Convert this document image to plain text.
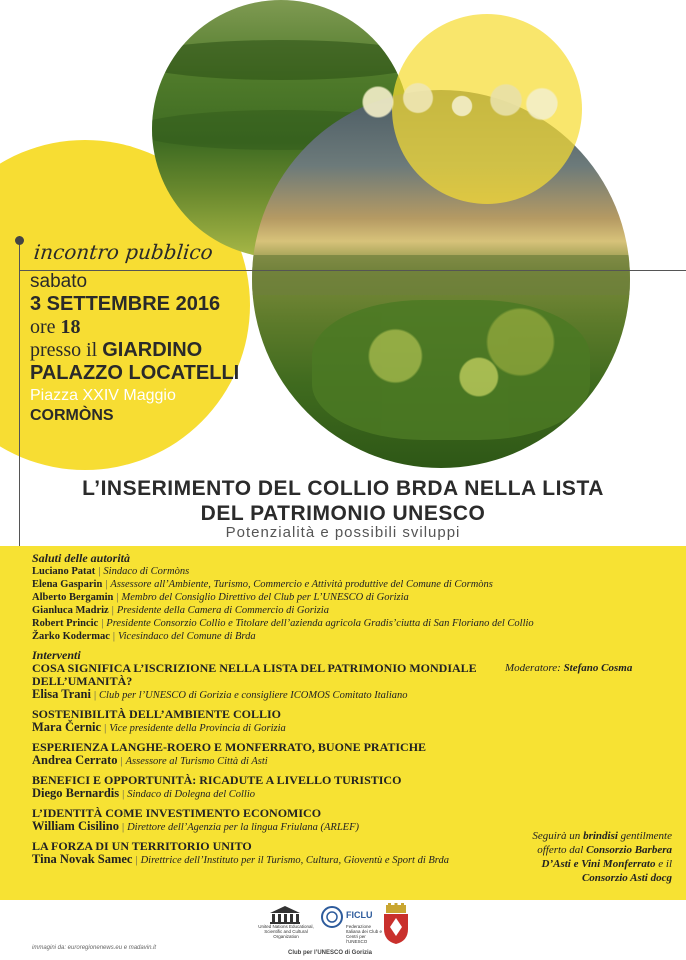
incontro pubblico
sabato
3 SETTEMBRE 2016
ore 18
presso il GIARDINO
PALAZZO LOCATELLI
Piazza XXIV Maggio
CORMÒNS
L’INSERIMENTO DEL COLLIO BRDA NELLA LISTA
DEL PATRIMONIO UNESCO
Potenzialità e possibili sviluppi
Saluti delle autorità
Luciano Patat | Sindaco di Cormòns
Elena Gasparin | Assessore all’Ambiente, Turismo, Commercio e Attività produttive del Comune di Cormòns
Alberto Bergamin | Membro del Consiglio Direttivo del Club per L’UNESCO di Gorizia
Gianluca Madriz | Presidente della Camera di Commercio di Gorizia
Robert Princic | Presidente Consorzio Collio e Titolare dell’azienda agricola Gradis’ciutta di San Floriano del Collio
Žarko Kodermac | Vicesindaco del Comune di Brda
Interventi
COSA SIGNIFICA L’ISCRIZIONE NELLA LISTA DEL PATRIMONIO MONDIALE DELL’UMANITÀ?
Elisa Trani | Club per l’UNESCO di Gorizia e consigliere ICOMOS Comitato Italiano
SOSTENIBILITÀ DELL’AMBIENTE COLLIO
Mara Černic | Vice presidente della Provincia di Gorizia
ESPERIENZA LANGHE-ROERO E MONFERRATO, BUONE PRATICHE
Andrea Cerrato | Assessore al Turismo Città di Asti
BENEFICI E OPPORTUNITÀ: RICADUTE A LIVELLO TURISTICO
Diego Bernardis | Sindaco di Dolegna del Collio
L’IDENTITÀ COME INVESTIMENTO ECONOMICO
William Cisilino | Direttore dell’Agenzia per la lingua Friulana (ARLEF)
LA FORZA DI UN TERRITORIO UNITO
Tina Novak Samec | Direttrice dell’Instituto per il Turismo, Cultura, Gioventù e Sport di Brda
Moderatore: Stefano Cosma
Seguirà un brindisi gentilmente offerto dal Consorzio Barbera D’Asti e Vini Monferrato e il Consorzio Asti docg
immagini da: euroregionenews.eu e madavin.it
United Nations Educational, Scientific and Cultural Organization
FICLU
Federazione Italiana dei Club e Centri per l’UNESCO
Club per l’UNESCO di Gorizia
